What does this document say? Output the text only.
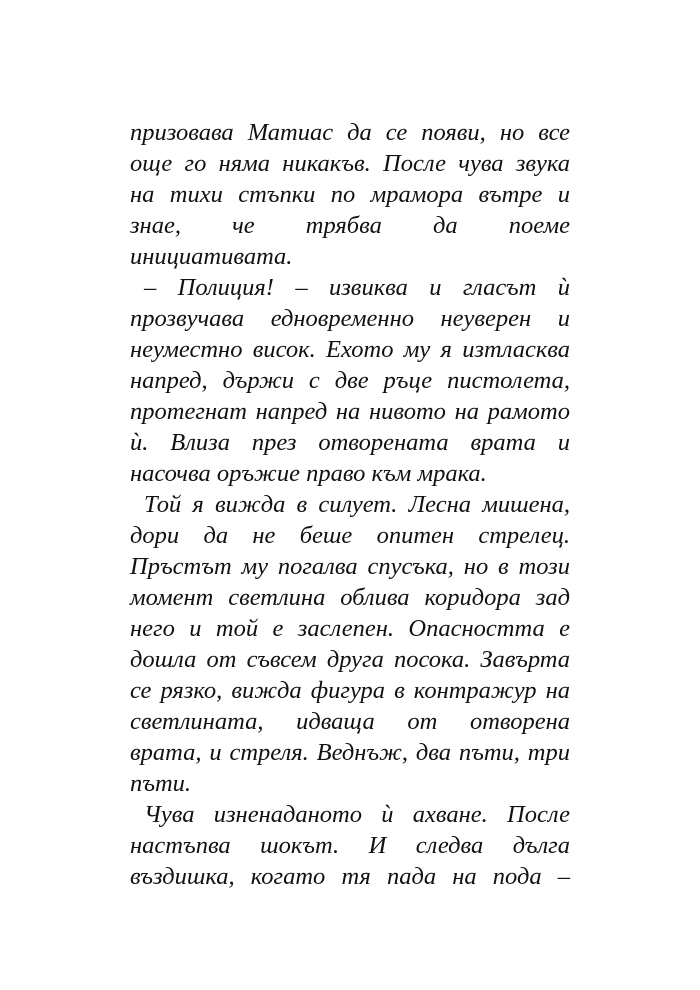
призовава Матиас да се появи, но все
още го няма никакъв. После чува звука
на тихи стъпки по мрамора вътре и
знае, че трябва да поеме
инициативата.
– Полиция! – извиква и гласът ѝ
прозвучава едновременно неуверен и
неуместно висок. Ехото му я изтласква
напред, държи с две ръце пистолета,
протегнат напред на нивото на рамото
ѝ. Влиза през отворената врата и
насочва оръжие право към мрака.
Той я вижда в силует. Лесна мишена,
дори да не беше опитен стрелец.
Пръстът му погалва спусъка, но в този
момент светлина облива коридора зад
него и той е заслепен. Опасността е
дошла от съвсем друга посока. Завърта
се рязко, вижда фигура в контражур на
светлината, идваща от отворена
врата, и стреля. Веднъж, два пъти, три
пъти.
Чува изненаданото ѝ ахване. После
настъпва шокът. И следва дълга
въздишка, когато тя пада на пода –
